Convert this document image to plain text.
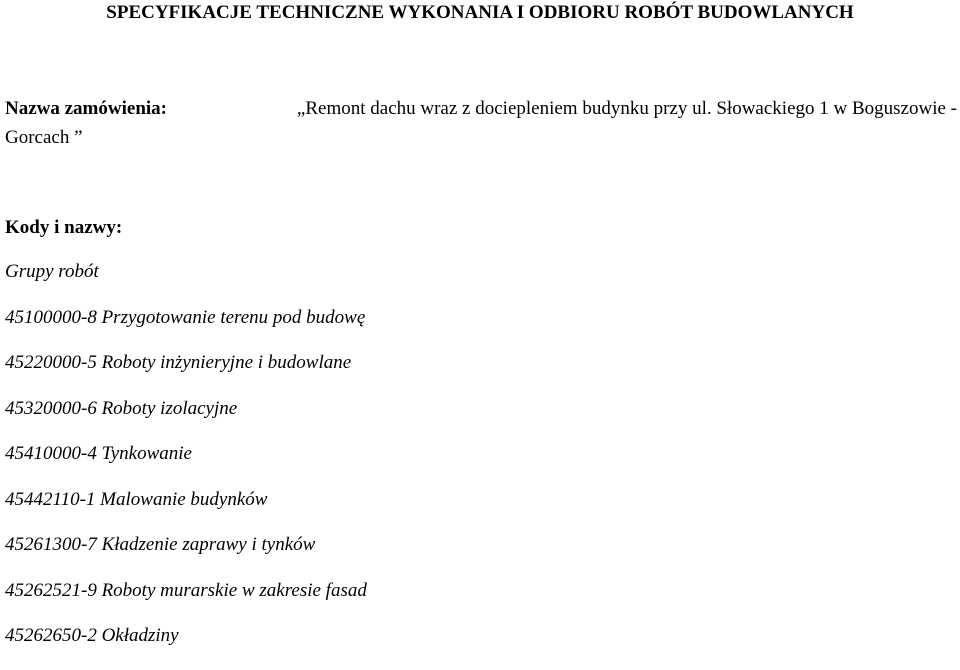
SPECYFIKACJE TECHNICZNE WYKONANIA I ODBIORU ROBÓT BUDOWLANYCH
Nazwa zamówienia:	„Remont dachu wraz z dociepleniem budynku przy ul. Słowackiego 1 w Boguszowie -
Gorcach ”
Kody i nazwy:
Grupy robót
45100000-8 Przygotowanie terenu pod budowę
45220000-5 Roboty inżynieryjne i budowlane
45320000-6 Roboty izolacyjne
45410000-4 Tynkowanie
45442110-1 Malowanie budynków
45261300-7 Kładzenie zaprawy i tynków
45262521-9 Roboty murarskie w zakresie fasad
45262650-2 Okładziny
